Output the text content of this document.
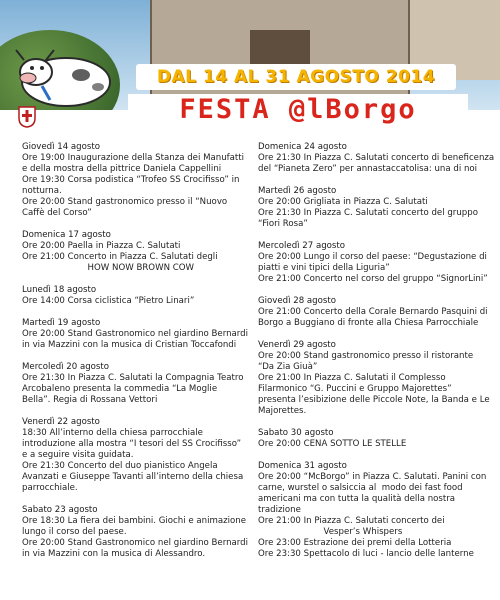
DAL 14 AL 31 AGOSTO 2014
FESTA @lBorgo
Giovedì 14 agosto
Ore 19:00 Inaugurazione della Stanza dei Manufatti
e della mostra della pittrice Daniela Cappellini
Ore 19:30 Corsa podistica “Trofeo SS Crocifisso” in
notturna.
Ore 20:00 Stand gastronomico presso il “Nuovo
Caffè del Corso”
Domenica 17 agosto
Ore 20:00 Paella in Piazza C. Salutati
Ore 21:00 Concerto in Piazza C. Salutati degli
HOW NOW BROWN COW
Lunedì 18 agosto
Ore 14:00 Corsa ciclistica “Pietro Linari”
Martedì 19 agosto
Ore 20:00 Stand Gastronomico nel giardino Bernardi
in via Mazzini con la musica di Cristian Toccafondi
Mercoledì 20 agosto
Ore 21:30 In Piazza C. Salutati la Compagnia Teatro
Arcobaleno presenta la commedia “La Moglie
Bella”. Regia di Rossana Vettori
Venerdì 22 agosto
18:30 All’interno della chiesa parrocchiale
introduzione alla mostra “I tesori del SS Crocifisso”
e a seguire visita guidata.
Ore 21:30 Concerto del duo pianistico Angela
Avanzati e Giuseppe Tavanti all’interno della chiesa
parrocchiale.
Sabato 23 agosto
Ore 18:30 La fiera dei bambini. Giochi e animazione
lungo il corso del paese.
Ore 20:00 Stand Gastronomico nel giardino Bernardi
in via Mazzini con la musica di Alessandro.
Domenica 24 agosto
Ore 21:30 In Piazza C. Salutati concerto di beneficenza
del “Pianeta Zero” per annastaccatolisa: una di noi
Martedì 26 agosto
Ore 20:00 Grigliata in Piazza C. Salutati
Ore 21:30 In Piazza C. Salutati concerto del gruppo
“Fiori Rosa”
Mercoledì 27 agosto
Ore 20:00 Lungo il corso del paese: “Degustazione di
piatti e vini tipici della Liguria”
Ore 21:00 Concerto nel corso del gruppo “SignorLini”
Giovedì 28 agosto
Ore 21:00 Concerto della Corale Bernardo Pasquini di
Borgo a Buggiano di fronte alla Chiesa Parrocchiale
Venerdì 29 agosto
Ore 20:00 Stand gastronomico presso il ristorante
“Da Zia Giuà”
Ore 21:00 In Piazza C. Salutati il Complesso
Filarmonico “G. Puccini e Gruppo Majorettes”
presenta l’esibizione delle Piccole Note, la Banda e Le
Majorettes.
Sabato 30 agosto
Ore 20:00 CENA SOTTO LE STELLE
Domenica 31 agosto
Ore 20:00 “McBorgo” in Piazza C. Salutati. Panini con
carne, wurstel o salsiccia al  modo dei fast food
americani ma con tutta la qualità della nostra
tradizione
Ore 21:00 In Piazza C. Salutati concerto dei
Vesper’s Whispers
Ore 23:00 Estrazione dei premi della Lotteria
Ore 23:30 Spettacolo di luci - lancio delle lanterne
